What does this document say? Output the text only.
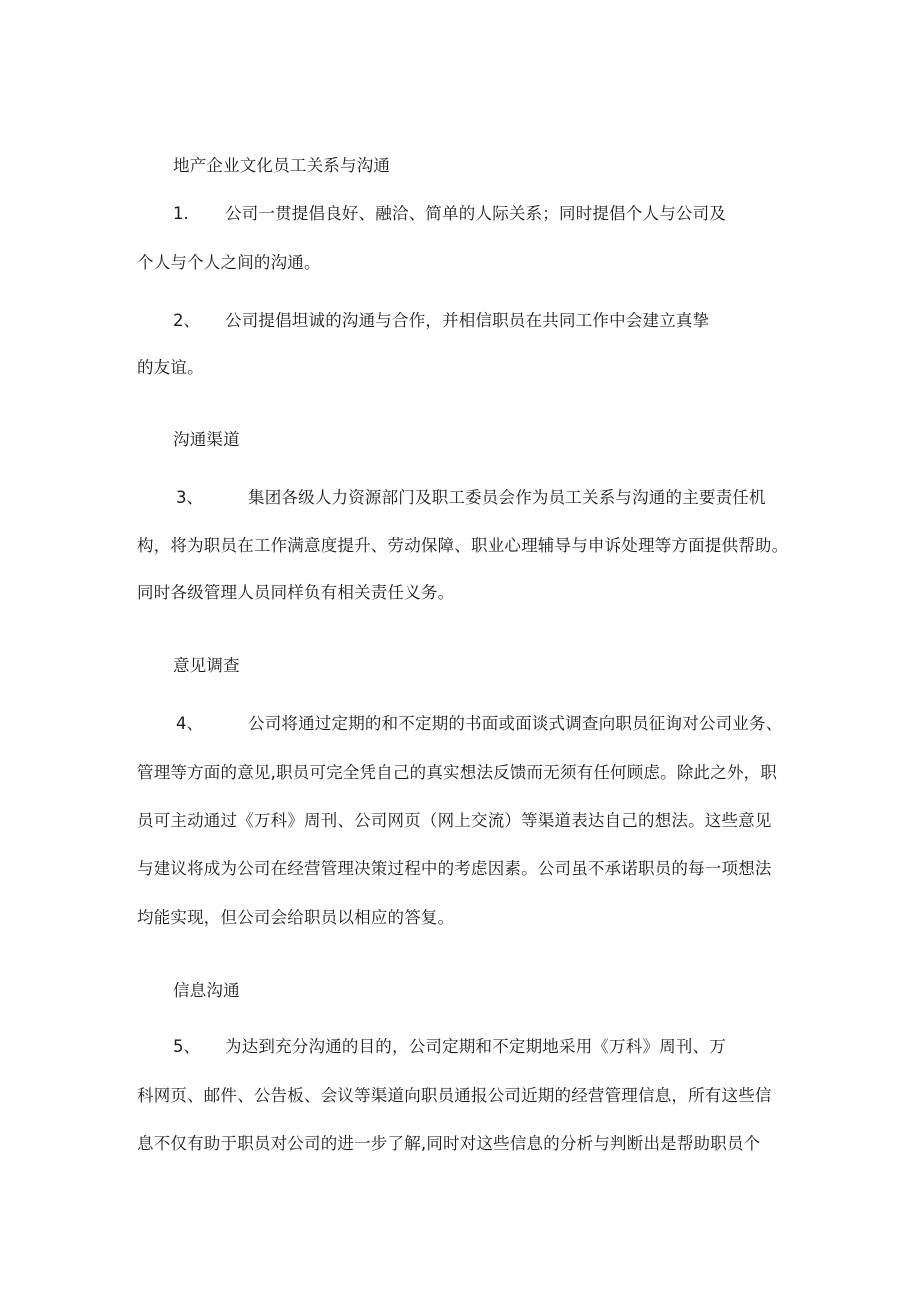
地产企业文化员工关系与沟通
1. 公司一贯提倡良好、融洽、简单的人际关系；同时提倡个人与公司及
个人与个人之间的沟通。
2、 公司提倡坦诚的沟通与合作，并相信职员在共同工作中会建立真挚
的友谊。
沟通渠道
3、	集团各级人力资源部门及职工委员会作为员工关系与沟通的主要责任机
构，将为职员在工作满意度提升、劳动保障、职业心理辅导与申诉处理等方面提供帮助。
同时各级管理人员同样负有相关责任义务。
意见调查
4、	公司将通过定期的和不定期的书面或面谈式调查向职员征询对公司业务、
管理等方面的意见,职员可完全凭自己的真实想法反馈而无须有任何顾虑。除此之外，职
员可主动通过《万科》周刊、公司网页（网上交流）等渠道表达自己的想法。这些意见
与建议将成为公司在经营管理决策过程中的考虑因素。公司虽不承诺职员的每一项想法
均能实现，但公司会给职员以相应的答复。
信息沟通
5、 为达到充分沟通的目的，公司定期和不定期地采用《万科》周刊、万
科网页、邮件、公告板、会议等渠道向职员通报公司近期的经营管理信息，所有这些信
息不仅有助于职员对公司的进一步了解,同时对这些信息的分析与判断出是帮助职员个
